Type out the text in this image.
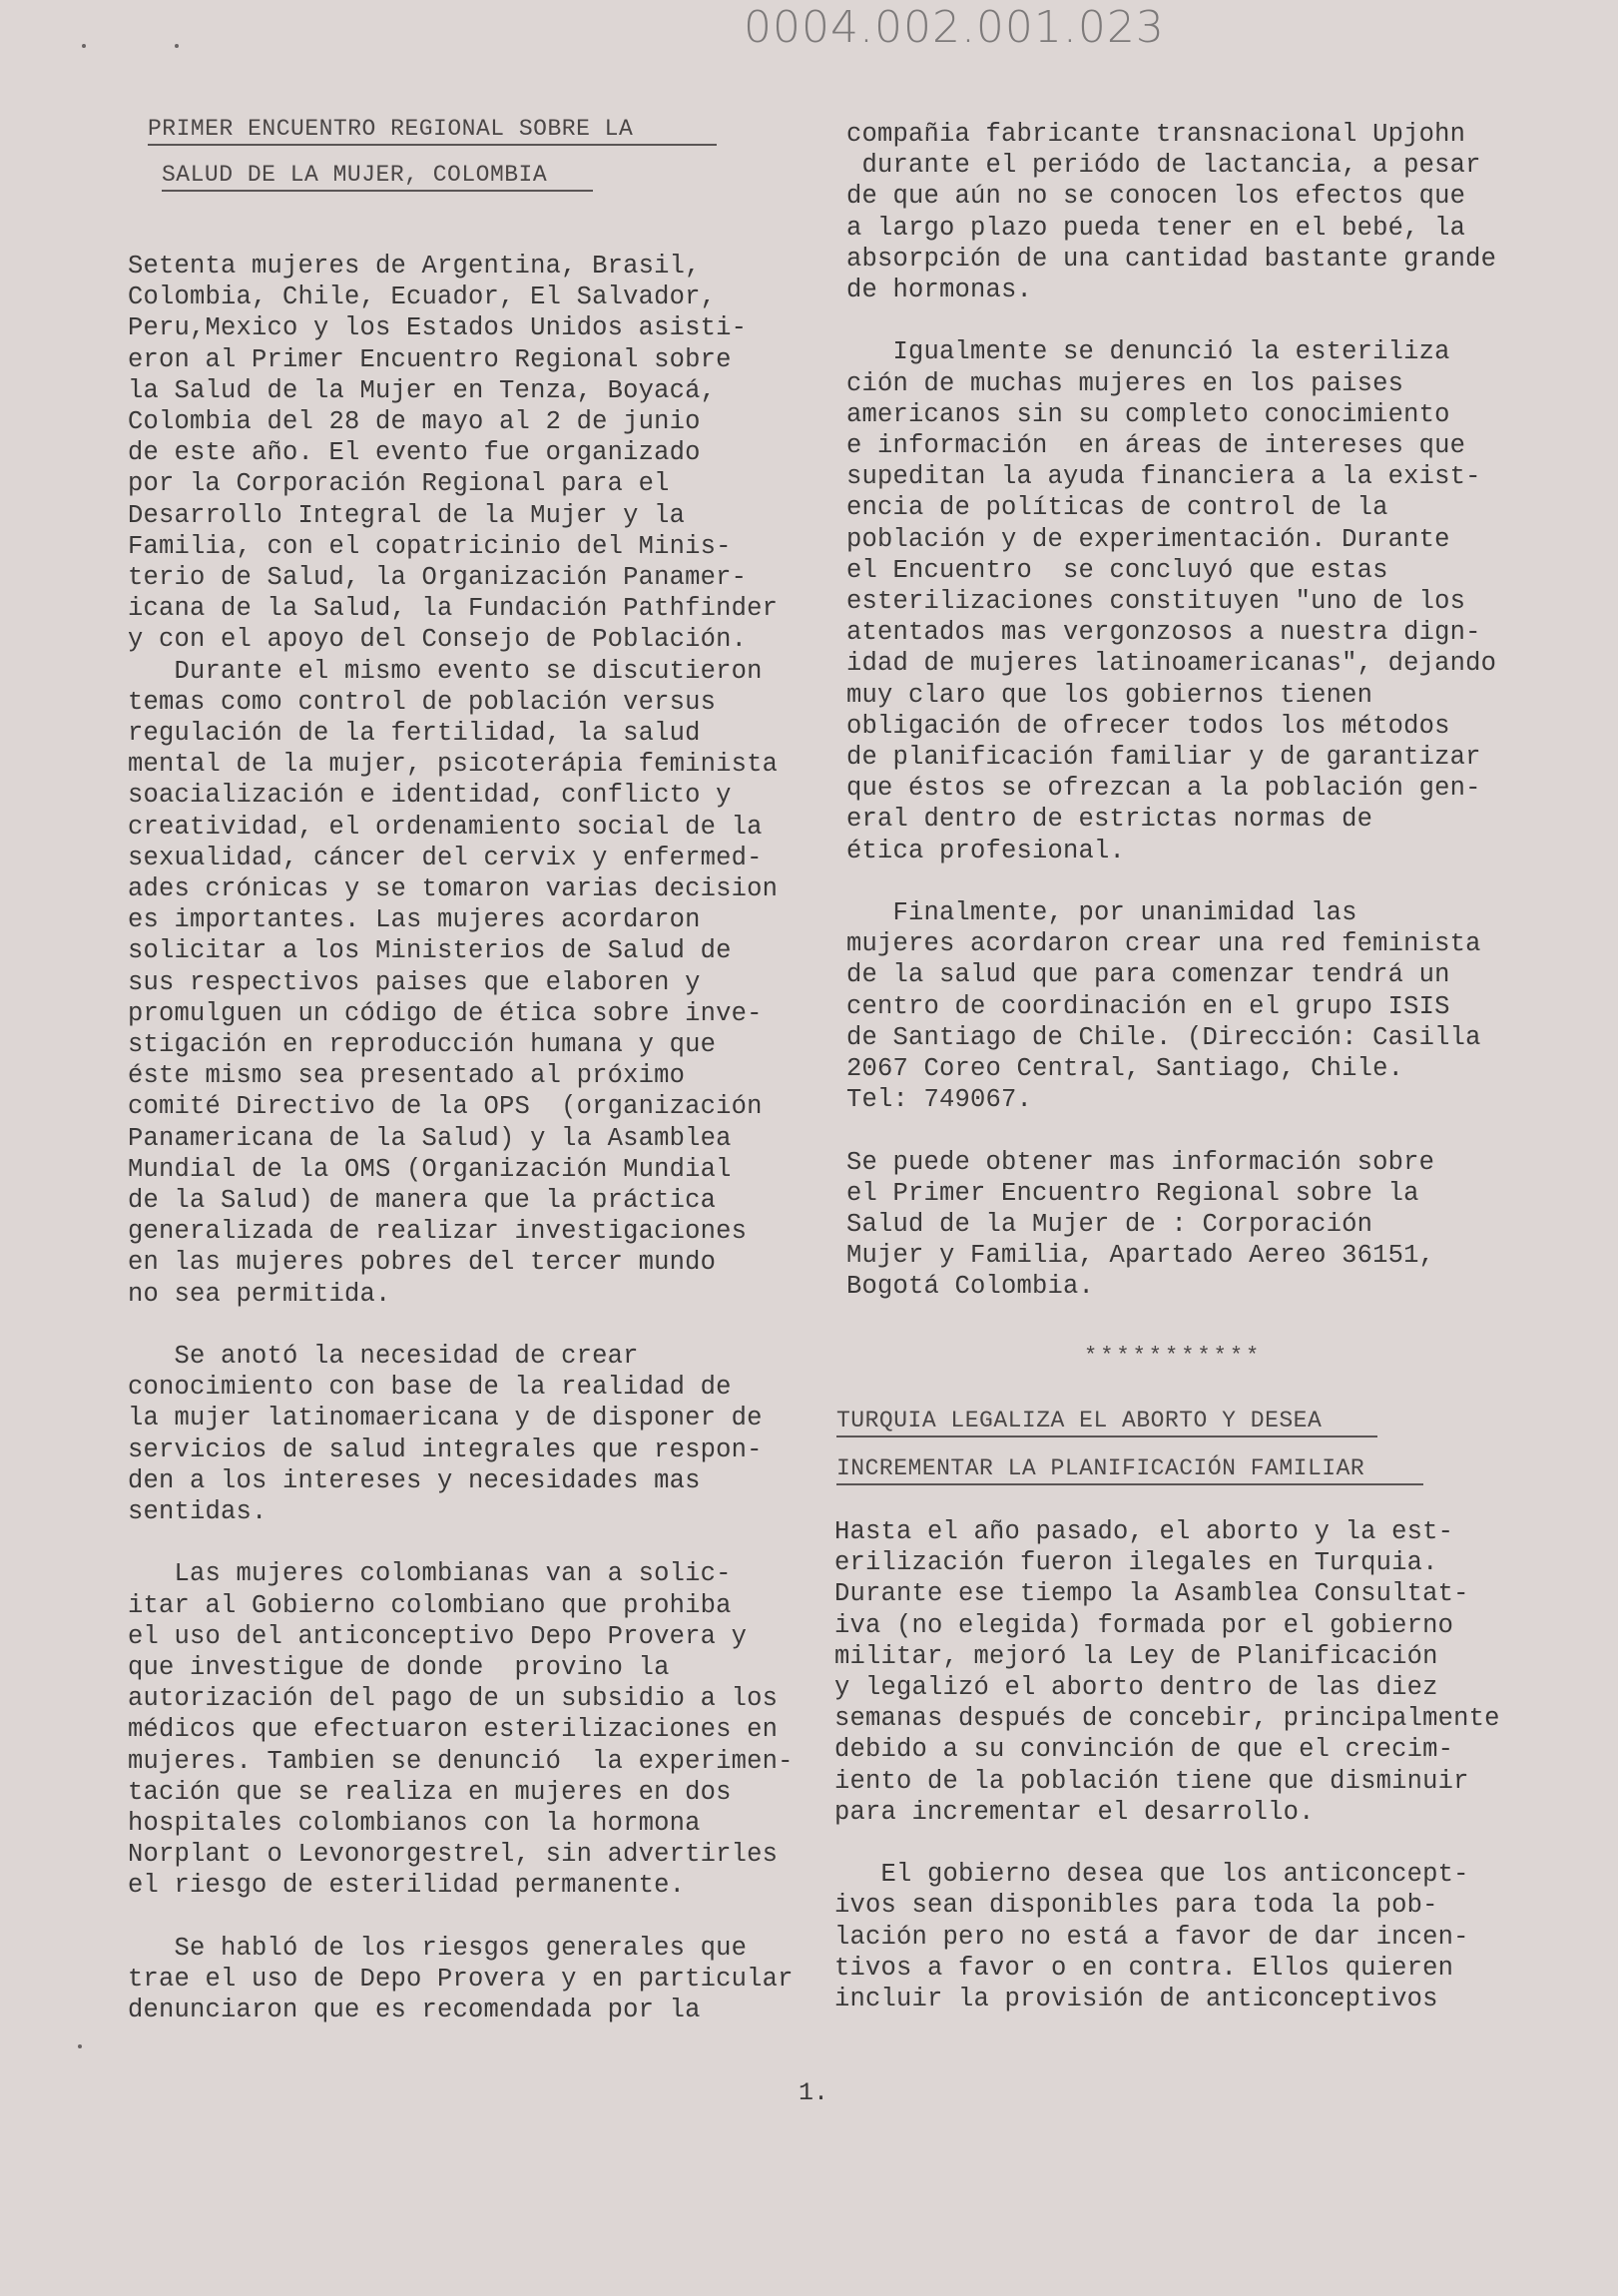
0004.002.001.023
PRIMER ENCUENTRO REGIONAL SOBRE LA
SALUD DE LA MUJER, COLOMBIA
Setenta mujeres de Argentina, Brasil,
Colombia, Chile, Ecuador, El Salvador,
Peru,Mexico y los Estados Unidos asisti-
eron al Primer Encuentro Regional sobre
la Salud de la Mujer en Tenza, Boyacá,
Colombia del 28 de mayo al 2 de junio
de este año. El evento fue organizado
por la Corporación Regional para el
Desarrollo Integral de la Mujer y la
Familia, con el copatricinio del Minis-
terio de Salud, la Organización Panamer-
icana de la Salud, la Fundación Pathfinder
y con el apoyo del Consejo de Población.
Durante el mismo evento se discutieron
temas como control de población versus
regulación de la fertilidad, la salud
mental de la mujer, psicoterápia feminista
soacialización e identidad, conflicto y
creatividad, el ordenamiento social de la
sexualidad, cáncer del cervix y enfermed-
ades crónicas y se tomaron varias decision
es importantes. Las mujeres acordaron
solicitar a los Ministerios de Salud de
sus respectivos paises que elaboren y
promulguen un código de ética sobre inve-
stigación en reproducción humana y que
éste mismo sea presentado al próximo
comité Directivo de la OPS  (organización
Panamericana de la Salud) y la Asamblea
Mundial de la OMS (Organización Mundial
de la Salud) de manera que la práctica
generalizada de realizar investigaciones
en las mujeres pobres del tercer mundo
no sea permitida.
Se anotó la necesidad de crear
conocimiento con base de la realidad de
la mujer latinomaericana y de disponer de
servicios de salud integrales que respon-
den a los intereses y necesidades mas
sentidas.
Las mujeres colombianas van a solic-
itar al Gobierno colombiano que prohiba
el uso del anticonceptivo Depo Provera y
que investigue de donde  provino la
autorización del pago de un subsidio a los
médicos que efectuaron esterilizaciones en
mujeres. Tambien se denunció  la experimen-
tación que se realiza en mujeres en dos
hospitales colombianos con la hormona
Norplant o Levonorgestrel, sin advertirles
el riesgo de esterilidad permanente.
Se habló de los riesgos generales que
trae el uso de Depo Provera y en particular
denunciaron que es recomendada por la
compañia fabricante transnacional Upjohn
durante el periódo de lactancia, a pesar
de que aún no se conocen los efectos que
a largo plazo pueda tener en el bebé, la
absorpción de una cantidad bastante grande
de hormonas.
Igualmente se denunció la esteriliza
ción de muchas mujeres en los paises
americanos sin su completo conocimiento
e información  en áreas de intereses que
supeditan la ayuda financiera a la exist-
encia de políticas de control de la
población y de experimentación. Durante
el Encuentro  se concluyó que estas
esterilizaciones constituyen "uno de los
atentados mas vergonzosos a nuestra dign-
idad de mujeres latinoamericanas", dejando
muy claro que los gobiernos tienen
obligación de ofrecer todos los métodos
de planificación familiar y de garantizar
que éstos se ofrezcan a la población gen-
eral dentro de estrictas normas de
ética profesional.
Finalmente, por unanimidad las
mujeres acordaron crear una red feminista
de la salud que para comenzar tendrá un
centro de coordinación en el grupo ISIS
de Santiago de Chile. (Dirección: Casilla
2067 Coreo Central, Santiago, Chile.
Tel: 749067.
Se puede obtener mas información sobre
el Primer Encuentro Regional sobre la
Salud de la Mujer de : Corporación
Mujer y Familia, Apartado Aereo 36151,
Bogotá Colombia.
***********
TURQUIA LEGALIZA EL ABORTO Y DESEA
INCREMENTAR LA PLANIFICACIÓN FAMILIAR
Hasta el año pasado, el aborto y la est-
erilización fueron ilegales en Turquia.
Durante ese tiempo la Asamblea Consultat-
iva (no elegida) formada por el gobierno
militar, mejoró la Ley de Planificación
y legalizó el aborto dentro de las diez
semanas después de concebir, principalmente
debido a su convinción de que el crecim-
iento de la población tiene que disminuir
para incrementar el desarrollo.
El gobierno desea que los anticoncept-
ivos sean disponibles para toda la pob-
lación pero no está a favor de dar incen-
tivos a favor o en contra. Ellos quieren
incluir la provisión de anticonceptivos
1.
